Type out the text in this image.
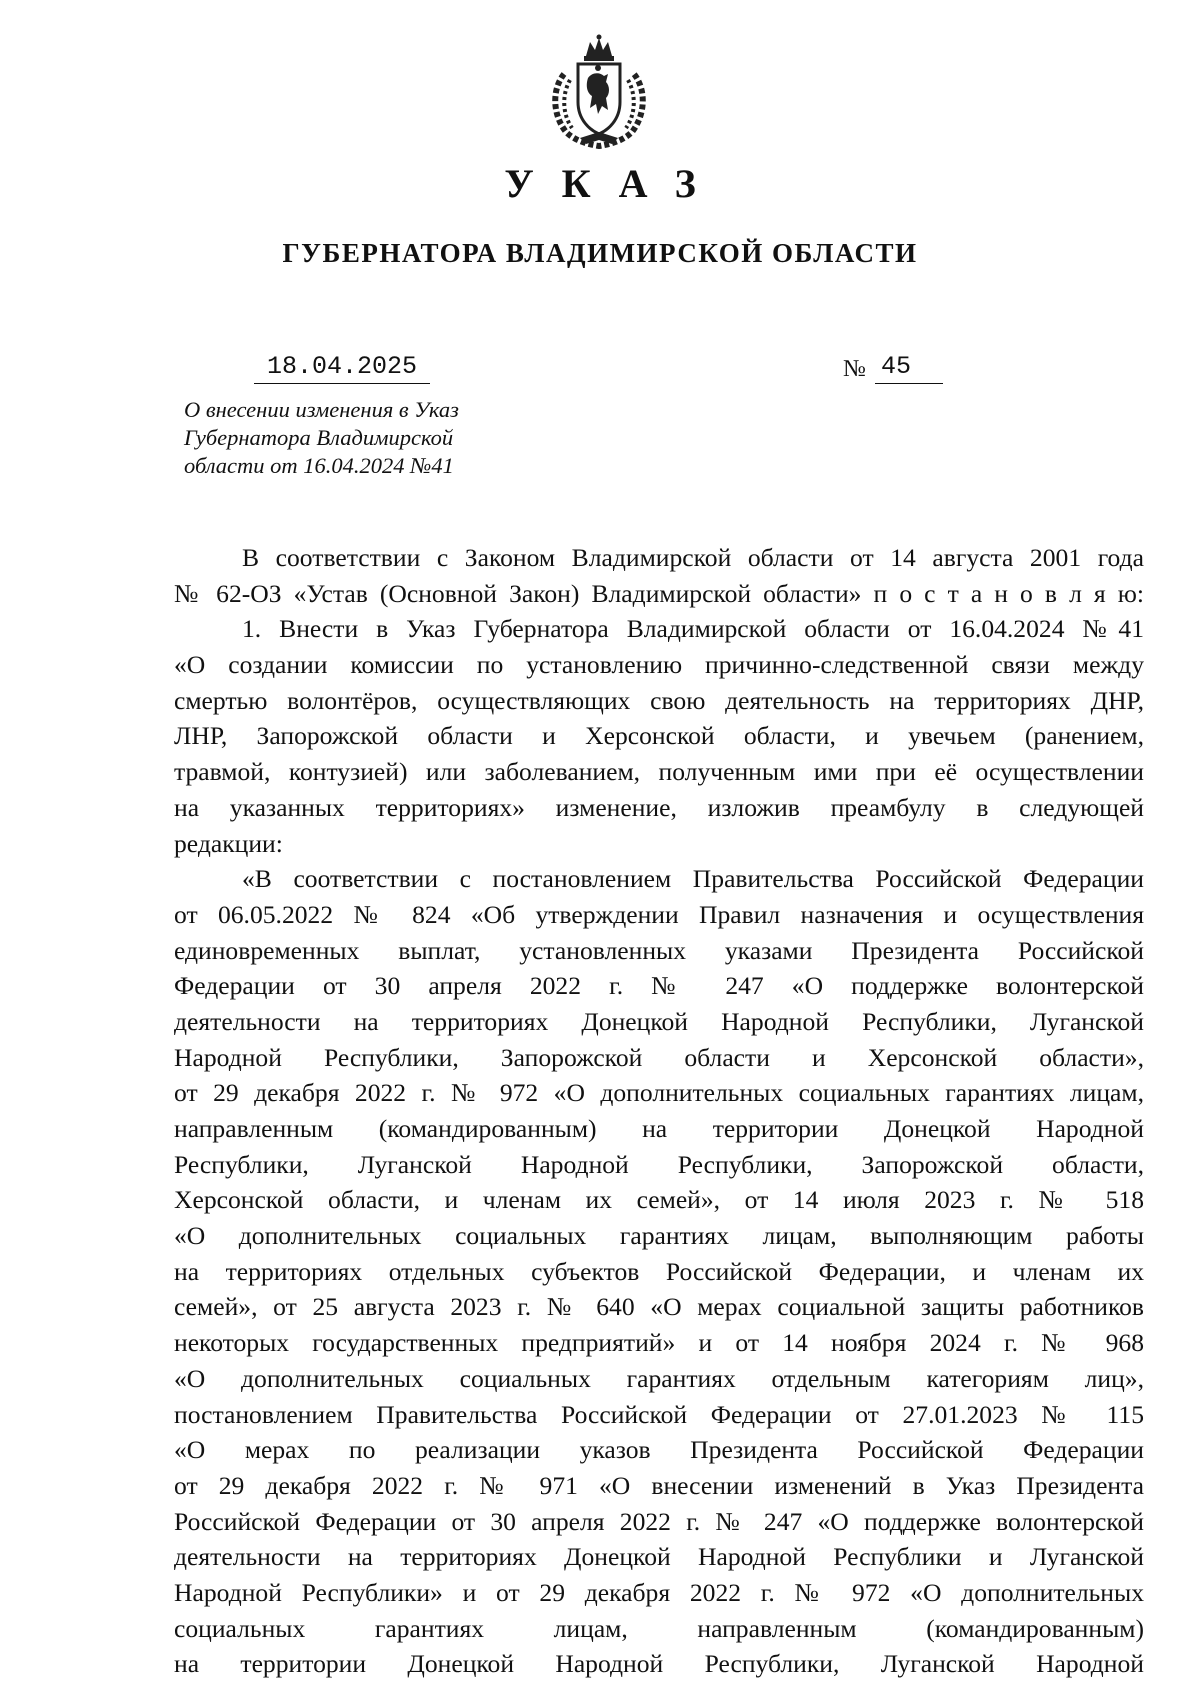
УКАЗ
ГУБЕРНАТОРА ВЛАДИМИРСКОЙ ОБЛАСТИ
18.04.2025	№ 45
О внесении изменения в Указ
Губернатора Владимирской
области от 16.04.2024 №41
В соответствии с Законом Владимирской области от 14 августа 2001 года
№ 62-ОЗ «Устав (Основной Закон) Владимирской области» п о с т а н о в л я ю:
1. Внести в Указ Губернатора Владимирской области от 16.04.2024 №41
«О создании комиссии по установлению причинно-следственной связи между
смертью волонтёров, осуществляющих свою деятельность на территориях ДНР,
ЛНР, Запорожской области и Херсонской области, и увечьем (ранением,
травмой, контузией) или заболеванием, полученным ими при её осуществлении
на указанных территориях» изменение, изложив преамбулу в следующей
редакции:
«В соответствии с постановлением Правительства Российской Федерации
от 06.05.2022 № 824 «Об утверждении Правил назначения и осуществления
единовременных выплат, установленных указами Президента Российской
Федерации от 30 апреля 2022 г. № 247 «О поддержке волонтерской
деятельности на территориях Донецкой Народной Республики, Луганской
Народной Республики, Запорожской области и Херсонской области»,
от 29 декабря 2022 г. № 972 «О дополнительных социальных гарантиях лицам,
направленным (командированным) на территории Донецкой Народной
Республики, Луганской Народной Республики, Запорожской области,
Херсонской области, и членам их семей», от 14 июля 2023 г. № 518
«О дополнительных социальных гарантиях лицам, выполняющим работы
на территориях отдельных субъектов Российской Федерации, и членам их
семей», от 25 августа 2023 г. № 640 «О мерах социальной защиты работников
некоторых государственных предприятий» и от 14 ноября 2024 г. № 968
«О дополнительных социальных гарантиях отдельным категориям лиц»,
постановлением Правительства Российской Федерации от 27.01.2023 № 115
«О мерах по реализации указов Президента Российской Федерации
от 29 декабря 2022 г. № 971 «О внесении изменений в Указ Президента
Российской Федерации от 30 апреля 2022 г. № 247 «О поддержке волонтерской
деятельности на территориях Донецкой Народной Республики и Луганской
Народной Республики» и от 29 декабря 2022 г. № 972 «О дополнительных
социальных гарантиях лицам, направленным (командированным)
на территории Донецкой Народной Республики, Луганской Народной
